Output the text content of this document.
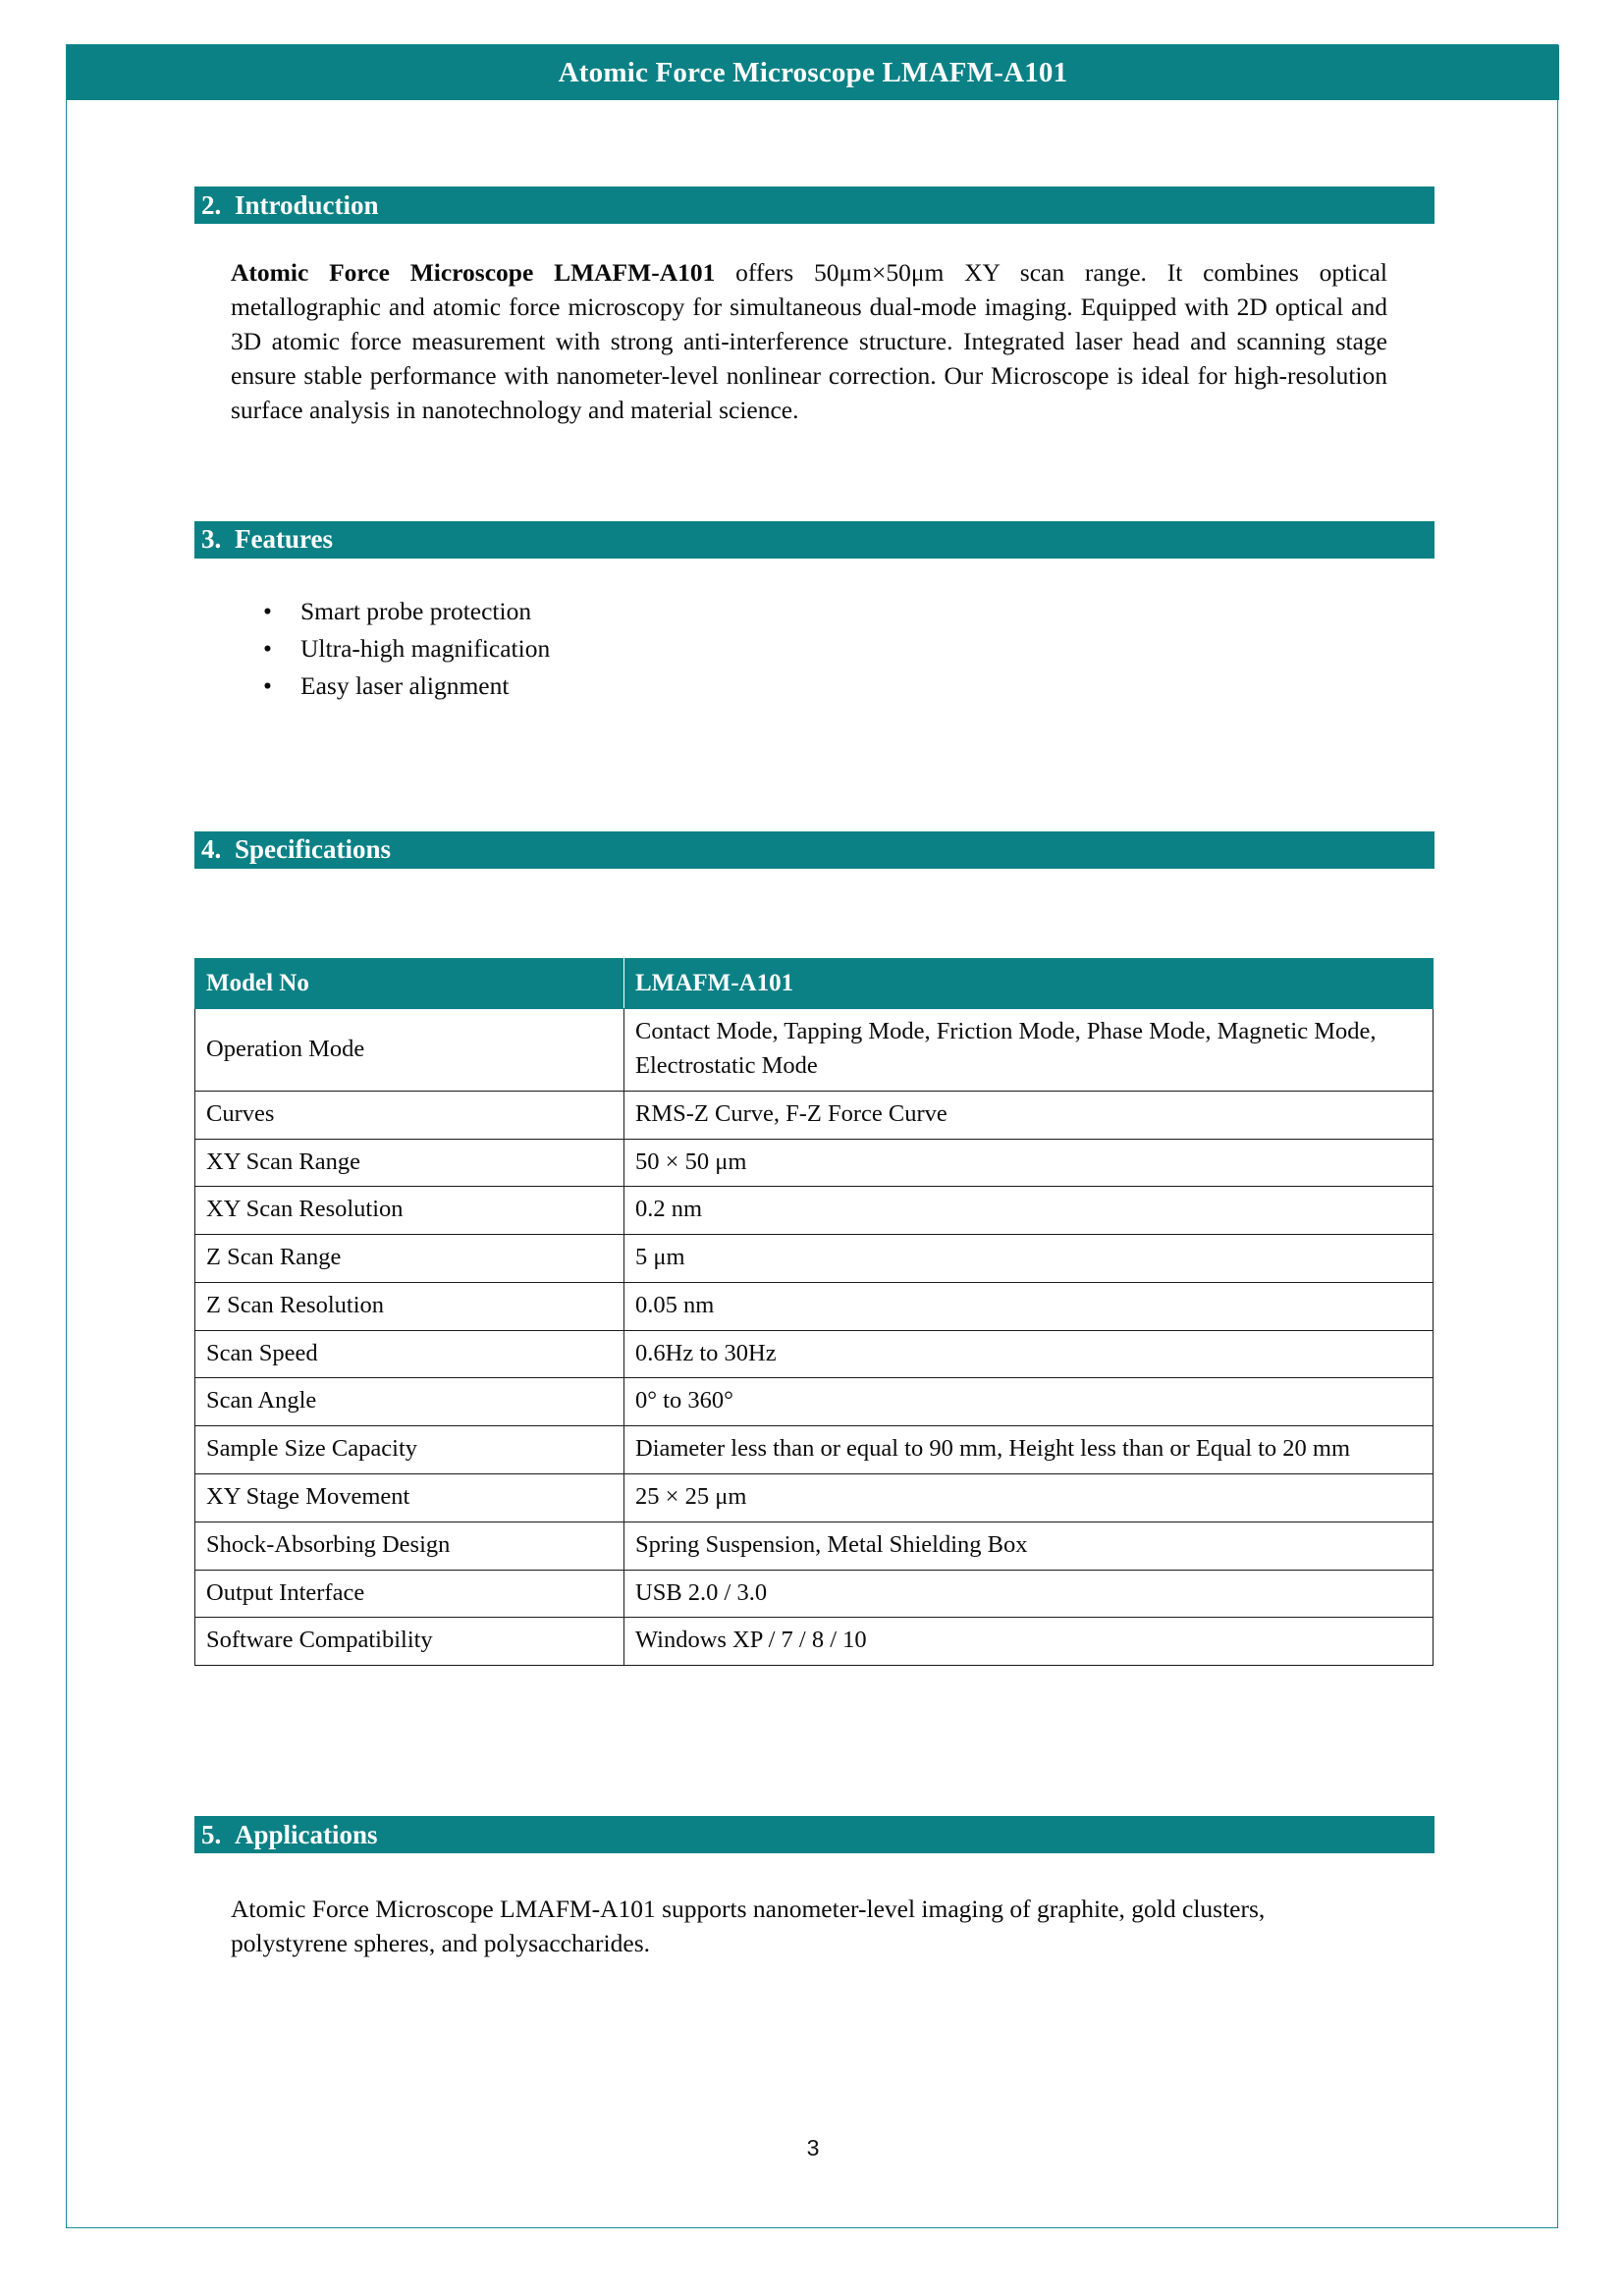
Atomic Force Microscope LMAFM-A101
2. Introduction

Atomic Force Microscope LMAFM-A101 offers 50μm×50μm XY scan range. It combines optical metallographic and atomic force microscopy for simultaneous dual-mode imaging. Equipped with 2D optical and 3D atomic force measurement with strong anti-interference structure. Integrated laser head and scanning stage ensure stable performance with nanometer-level nonlinear correction. Our Microscope is ideal for high-resolution surface analysis in nanotechnology and material science.

3. Features
• Smart probe protection
• Ultra-high magnification
• Easy laser alignment
4. Specifications
Model No	LMAFM-A101
Operation Mode	Contact Mode, Tapping Mode, Friction Mode, Phase Mode, Magnetic Mode, Electrostatic Mode
Curves	RMS-Z Curve, F-Z Force Curve
XY Scan Range	50 × 50 μm
XY Scan Resolution	0.2 nm
Z Scan Range	5 μm
Z Scan Resolution	0.05 nm
Scan Speed	0.6Hz to 30Hz
Scan Angle	0° to 360°
Sample Size Capacity	Diameter less than or equal to 90 mm, Height less than or Equal to 20 mm
XY Stage Movement	25 × 25 μm
Shock-Absorbing Design	Spring Suspension, Metal Shielding Box
Output Interface	USB 2.0 / 3.0
Software Compatibility	Windows XP / 7 / 8 / 10
5. Applications

Atomic Force Microscope LMAFM-A101 supports nanometer-level imaging of graphite, gold clusters, polystyrene spheres, and polysaccharides.

3
